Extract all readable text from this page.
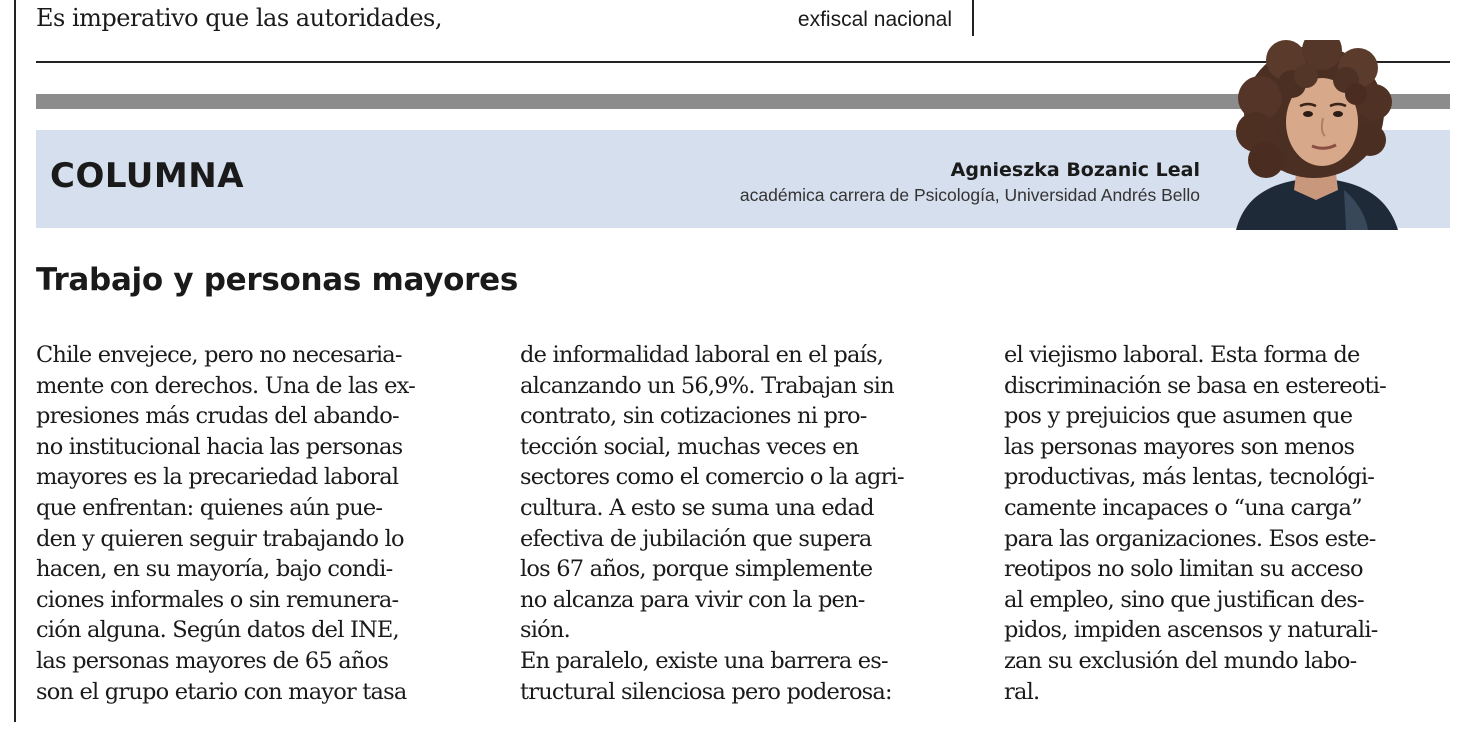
Es imperativo que las autoridades,	exfiscal nacional
COLUMNA	Agnieszka Bozanic Leal
académica carrera de Psicología, Universidad Andrés Bello
Trabajo y personas mayores
Chile envejece, pero no necesaria-
mente con derechos. Una de las ex-
presiones más crudas del abando-
no institucional hacia las personas
mayores es la precariedad laboral
que enfrentan: quienes aún pue-
den y quieren seguir trabajando lo
hacen, en su mayoría, bajo condi-
ciones informales o sin remunera-
ción alguna. Según datos del INE,
las personas mayores de 65 años
son el grupo etario con mayor tasa
de informalidad laboral en el país,
alcanzando un 56,9%. Trabajan sin
contrato, sin cotizaciones ni pro-
tección social, muchas veces en
sectores como el comercio o la agri-
cultura. A esto se suma una edad
efectiva de jubilación que supera
los 67 años, porque simplemente
no alcanza para vivir con la pen-
sión.
En paralelo, existe una barrera es-
tructural silenciosa pero poderosa:
el viejismo laboral. Esta forma de
discriminación se basa en estereoti-
pos y prejuicios que asumen que
las personas mayores son menos
productivas, más lentas, tecnológi-
camente incapaces o “una carga”
para las organizaciones. Esos este-
reotipos no solo limitan su acceso
al empleo, sino que justifican des-
pidos, impiden ascensos y naturali-
zan su exclusión del mundo labo-
ral.
